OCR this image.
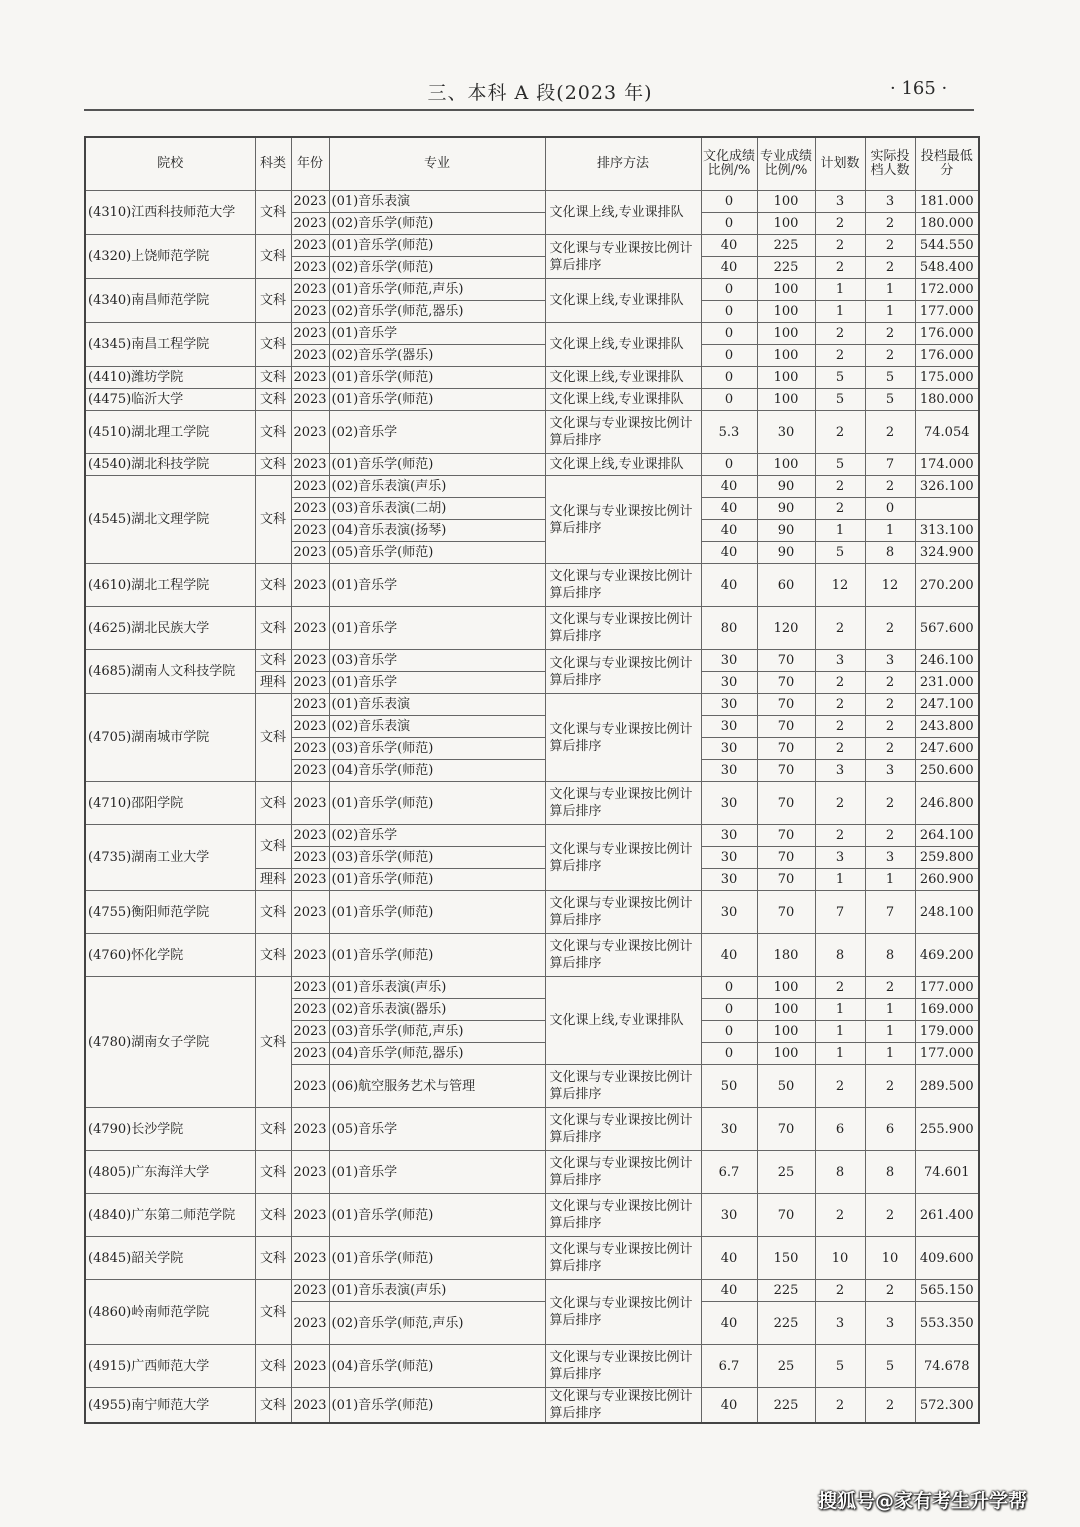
三、本科 A 段(2023 年)	· 165 ·
院校	科类	年份	专业	排序方法	文化成绩比例/%	专业成绩比例/%	计划数	实际投档人数	投档最低分
(4310)江西科技师范大学	文科	2023	(01)音乐表演	文化课上线,专业课排队	0	100	3	3	181.000
		2023	(02)音乐学(师范)		0	100	2	2	180.000
(4320)上饶师范学院	文科	2023	(01)音乐学(师范)	文化课与专业课按比例计算后排序	40	225	2	2	544.550
		2023	(02)音乐学(师范)		40	225	2	2	548.400
(4340)南昌师范学院	文科	2023	(01)音乐学(师范,声乐)	文化课上线,专业课排队	0	100	1	1	172.000
		2023	(02)音乐学(师范,器乐)		0	100	1	1	177.000
(4345)南昌工程学院	文科	2023	(01)音乐学	文化课上线,专业课排队	0	100	2	2	176.000
		2023	(02)音乐学(器乐)		0	100	2	2	176.000
(4410)潍坊学院	文科	2023	(01)音乐学(师范)	文化课上线,专业课排队	0	100	5	5	175.000
(4475)临沂大学	文科	2023	(01)音乐学(师范)	文化课上线,专业课排队	0	100	5	5	180.000
(4510)湖北理工学院	文科	2023	(02)音乐学	文化课与专业课按比例计算后排序	5.3	30	2	2	74.054
(4540)湖北科技学院	文科	2023	(01)音乐学(师范)	文化课上线,专业课排队	0	100	5	7	174.000
(4545)湖北文理学院	文科	2023	(02)音乐表演(声乐)	文化课与专业课按比例计算后排序	40	90	2	2	326.100
		2023	(03)音乐表演(二胡)		40	90	2	0	
		2023	(04)音乐表演(扬琴)		40	90	1	1	313.100
		2023	(05)音乐学(师范)		40	90	5	8	324.900
(4610)湖北工程学院	文科	2023	(01)音乐学	文化课与专业课按比例计算后排序	40	60	12	12	270.200
(4625)湖北民族大学	文科	2023	(01)音乐学	文化课与专业课按比例计算后排序	80	120	2	2	567.600
(4685)湖南人文科技学院	文科	2023	(03)音乐学	文化课与专业课按比例计算后排序	30	70	3	3	246.100
	理科	2023	(01)音乐学		30	70	2	2	231.000
(4705)湖南城市学院	文科	2023	(01)音乐表演	文化课与专业课按比例计算后排序	30	70	2	2	247.100
		2023	(02)音乐表演		30	70	2	2	243.800
		2023	(03)音乐学(师范)		30	70	2	2	247.600
		2023	(04)音乐学(师范)		30	70	3	3	250.600
(4710)邵阳学院	文科	2023	(01)音乐学(师范)	文化课与专业课按比例计算后排序	30	70	2	2	246.800
(4735)湖南工业大学	文科	2023	(02)音乐学	文化课与专业课按比例计算后排序	30	70	2	2	264.100
		2023	(03)音乐学(师范)		30	70	3	3	259.800
	理科	2023	(01)音乐学(师范)		30	70	1	1	260.900
(4755)衡阳师范学院	文科	2023	(01)音乐学(师范)	文化课与专业课按比例计算后排序	30	70	7	7	248.100
(4760)怀化学院	文科	2023	(01)音乐学(师范)	文化课与专业课按比例计算后排序	40	180	8	8	469.200
(4780)湖南女子学院	文科	2023	(01)音乐表演(声乐)	文化课上线,专业课排队	0	100	2	2	177.000
		2023	(02)音乐表演(器乐)		0	100	1	1	169.000
		2023	(03)音乐学(师范,声乐)		0	100	1	1	179.000
		2023	(04)音乐学(师范,器乐)		0	100	1	1	177.000
		2023	(06)航空服务艺术与管理	文化课与专业课按比例计算后排序	50	50	2	2	289.500
(4790)长沙学院	文科	2023	(05)音乐学	文化课与专业课按比例计算后排序	30	70	6	6	255.900
(4805)广东海洋大学	文科	2023	(01)音乐学	文化课与专业课按比例计算后排序	6.7	25	8	8	74.601
(4840)广东第二师范学院	文科	2023	(01)音乐学(师范)	文化课与专业课按比例计算后排序	30	70	2	2	261.400
(4845)韶关学院	文科	2023	(01)音乐学(师范)	文化课与专业课按比例计算后排序	40	150	10	10	409.600
(4860)岭南师范学院	文科	2023	(01)音乐表演(声乐)	文化课与专业课按比例计算后排序	40	225	2	2	565.150
		2023	(02)音乐学(师范,声乐)		40	225	3	3	553.350
(4915)广西师范大学	文科	2023	(04)音乐学(师范)	文化课与专业课按比例计算后排序	6.7	25	5	5	74.678
(4955)南宁师范大学	文科	2023	(01)音乐学(师范)	文化课与专业课按比例计算后排序	40	225	2	2	572.300
搜狐号@家有考生升学帮
